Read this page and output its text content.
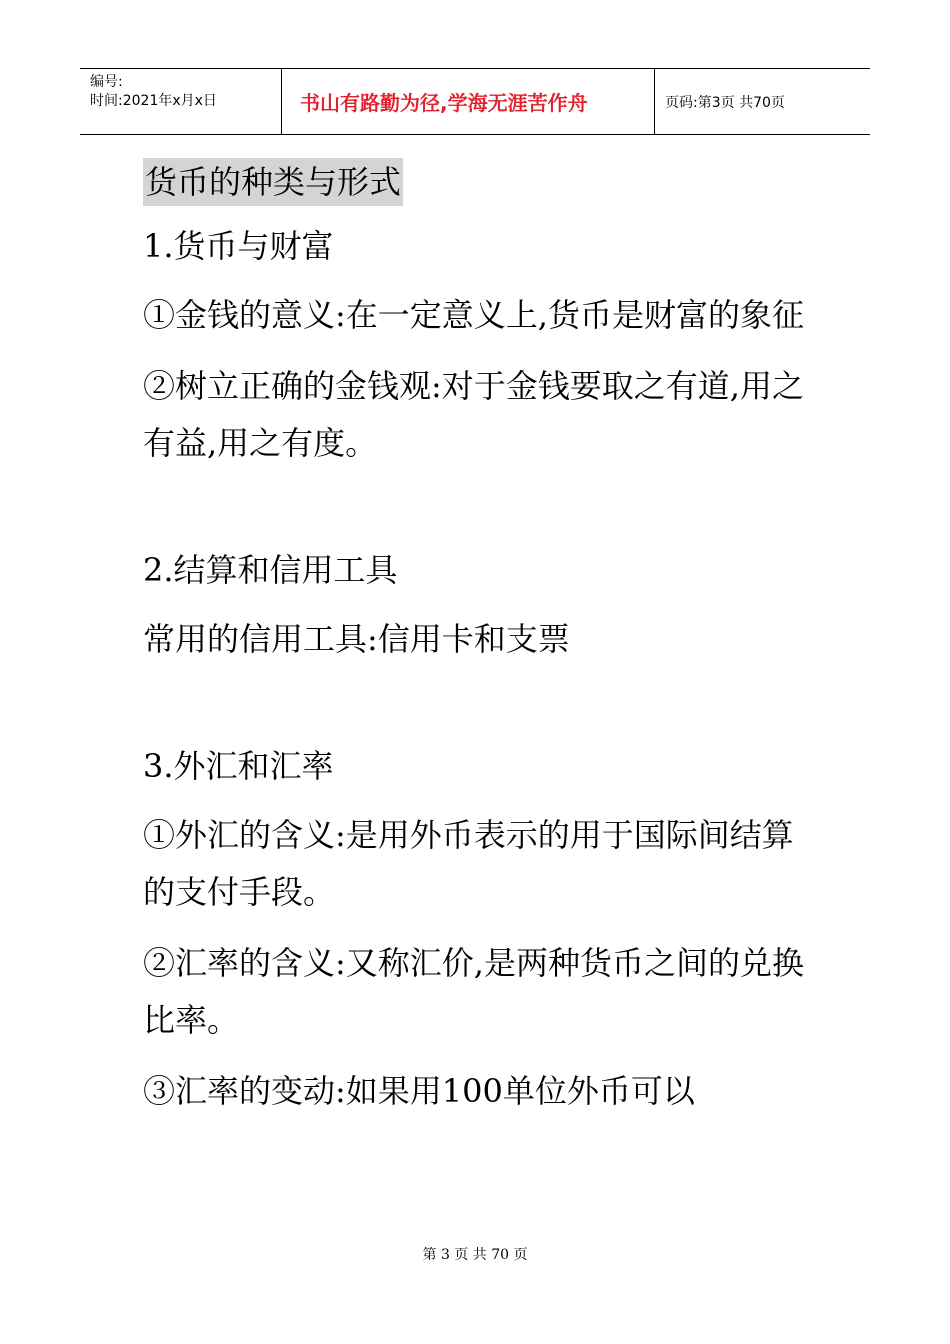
编号:
时间:2021年x月x日	书山有路勤为径,学海无涯苦作舟	页码:第3页 共70页
货币的种类与形式

1.货币与财富

①金钱的意义:在一定意义上,货币是财富的象征

②树立正确的金钱观:对于金钱要取之有道,用之有益,用之有度。

2.结算和信用工具

常用的信用工具:信用卡和支票

3.外汇和汇率

①外汇的含义:是用外币表示的用于国际间结算的支付手段。

②汇率的含义:又称汇价,是两种货币之间的兑换比率。

③汇率的变动:如果用100单位外币可以

第 3 页 共 70 页
